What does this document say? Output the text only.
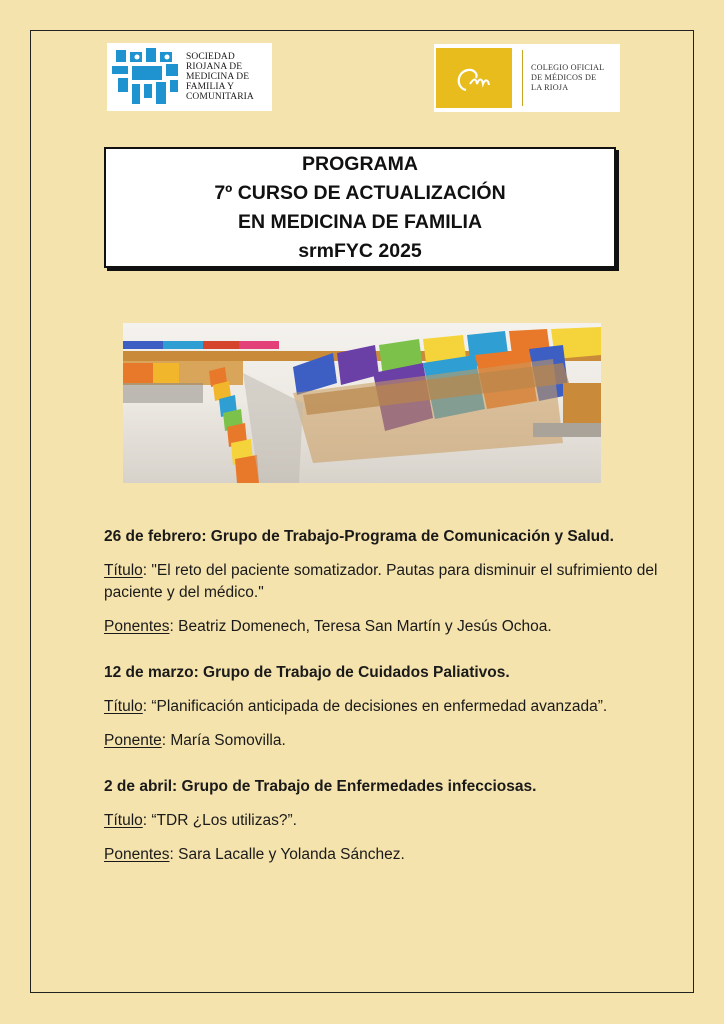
SOCIEDAD
RIOJANA DE
MEDICINA DE
FAMILIA Y
COMUNITARIA
COLEGIO OFICIAL
DE MÉDICOS DE
LA RIOJA
PROGRAMA
7º CURSO DE ACTUALIZACIÓN
EN MEDICINA DE FAMILIA
srmFYC 2025

26 de febrero: Grupo de Trabajo-Programa de Comunicación y Salud.

Título: "El reto del paciente somatizador. Pautas para disminuir el sufrimiento del paciente y del médico."

Ponentes: Beatriz Domenech, Teresa San Martín y Jesús Ochoa.

12 de marzo: Grupo de Trabajo de Cuidados Paliativos.

Título: “Planificación anticipada de decisiones en enfermedad avanzada”.

Ponente: María Somovilla.

2 de abril: Grupo de Trabajo de Enfermedades infecciosas.

Título: “TDR ¿Los utilizas?”.

Ponentes: Sara Lacalle y Yolanda Sánchez.
